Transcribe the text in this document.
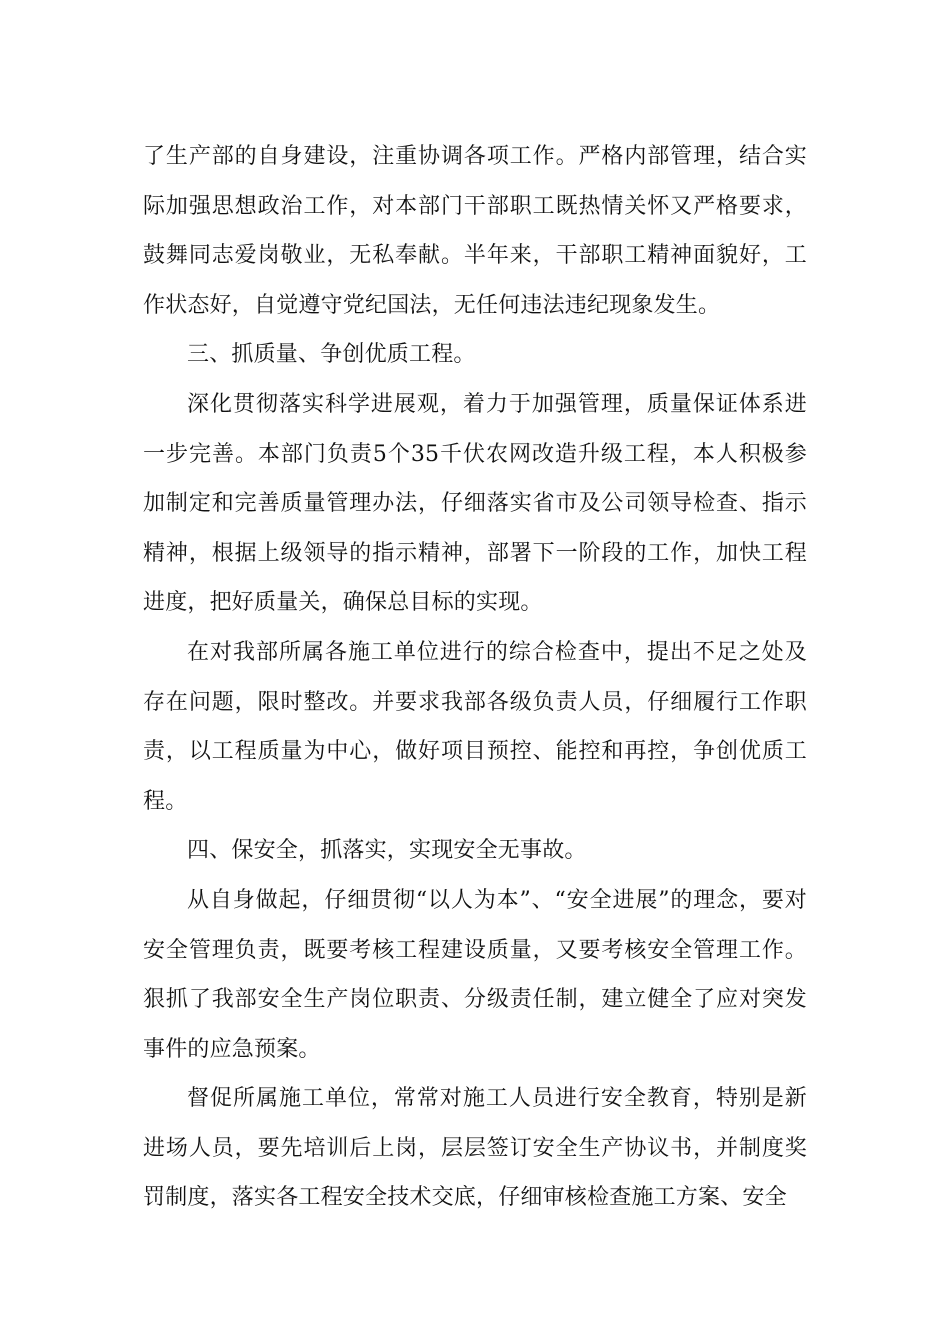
了生产部的自身建设，注重协调各项工作。严格内部管理，结合实际加强思想政治工作，对本部门干部职工既热情关怀又严格要求，鼓舞同志爱岗敬业，无私奉献。半年来，干部职工精神面貌好，工作状态好，自觉遵守党纪国法，无任何违法违纪现象发生。

三、抓质量、争创优质工程。

深化贯彻落实科学进展观，着力于加强管理，质量保证体系进一步完善。本部门负责5个35千伏农网改造升级工程，本人积极参加制定和完善质量管理办法，仔细落实省市及公司领导检查、指示精神，根据上级领导的指示精神，部署下一阶段的工作，加快工程进度，把好质量关，确保总目标的实现。

在对我部所属各施工单位进行的综合检查中，提出不足之处及存在问题，限时整改。并要求我部各级负责人员，仔细履行工作职责，以工程质量为中心，做好项目预控、能控和再控，争创优质工程。

四、保安全，抓落实，实现安全无事故。

从自身做起，仔细贯彻“以人为本”、“安全进展”的理念，要对安全管理负责，既要考核工程建设质量，又要考核安全管理工作。狠抓了我部安全生产岗位职责、分级责任制，建立健全了应对突发事件的应急预案。

督促所属施工单位，常常对施工人员进行安全教育，特别是新进场人员，要先培训后上岗，层层签订安全生产协议书，并制度奖罚制度，落实各工程安全技术交底，仔细审核检查施工方案、安全
